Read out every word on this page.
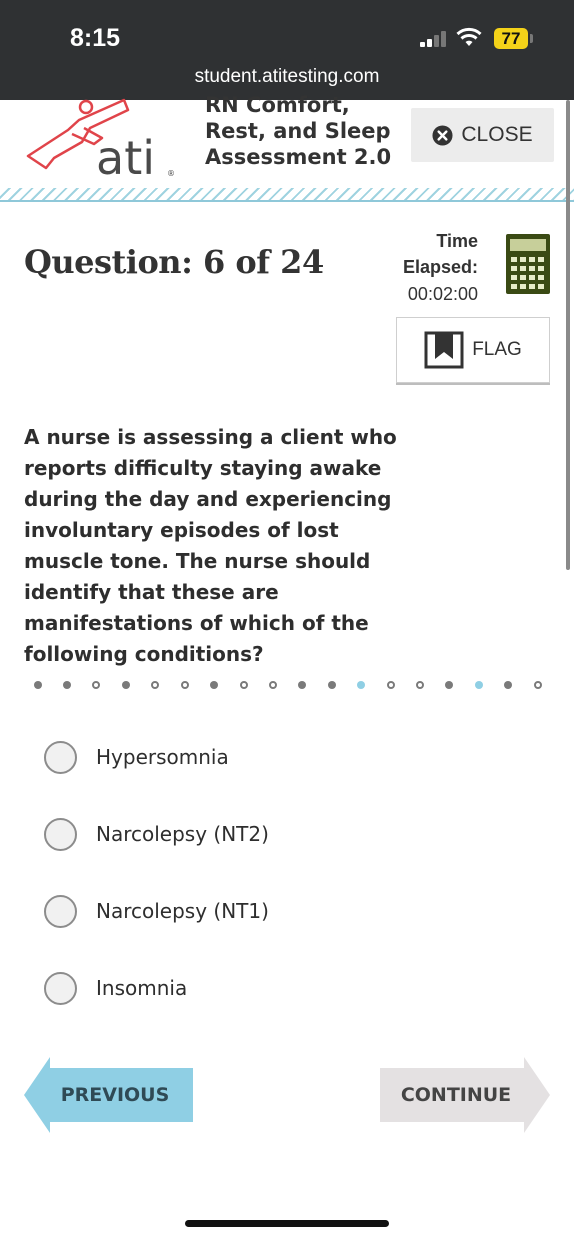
8:15	77
student.atitesting.com
ati ®
RN Comfort,
Rest, and Sleep
Assessment 2.0
CLOSE
Question: 6 of 24
Time
Elapsed:
00:02:00
FLAG
A nurse is assessing a client who reports difficulty staying awake during the day and experiencing involuntary episodes of lost muscle tone. The nurse should identify that these are manifestations of which of the following conditions?
Hypersomnia
Narcolepsy (NT2)
Narcolepsy (NT1)
Insomnia
PREVIOUS	CONTINUE
